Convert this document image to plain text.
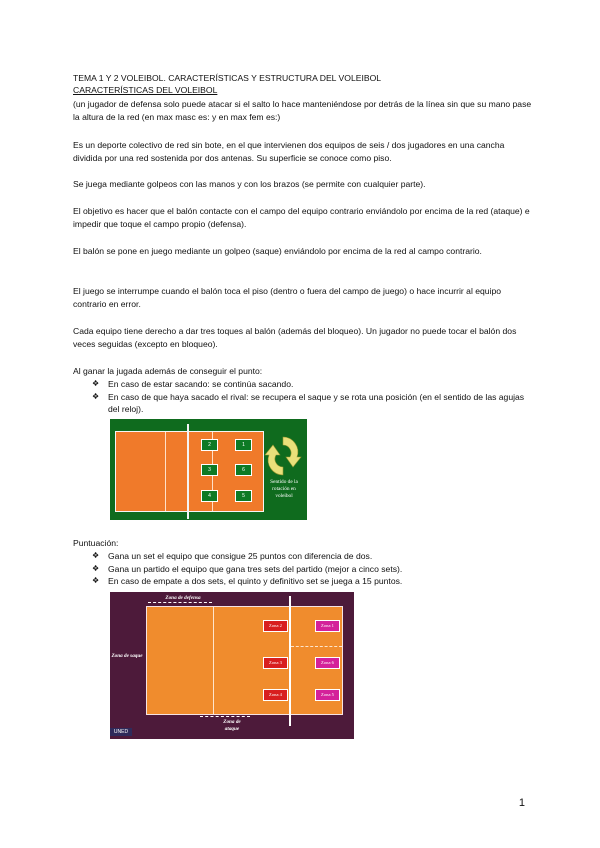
TEMA 1 Y 2 VOLEIBOL. CARACTERÍSTICAS Y ESTRUCTURA DEL VOLEIBOL
CARACTERÍSTICAS DEL VOLEIBOL
(un jugador de defensa solo puede atacar si el salto lo hace manteniéndose por detrás de la línea sin que su mano pase la altura de la red (en max masc es: y en max fem es:)

Es un deporte colectivo de red sin bote, en el que intervienen dos equipos de seis / dos jugadores en una cancha dividida por una red sostenida por dos antenas. Su superficie se conoce como piso.

Se juega mediante golpeos con las manos y con los brazos (se permite con cualquier parte).

El objetivo es hacer que el balón contacte con el campo del equipo contrario enviándolo por encima de la red (ataque) e impedir que toque el campo propio (defensa).

El balón se pone en juego mediante un golpeo (saque) enviándolo por encima de la red al campo contrario.

El juego se interrumpe cuando el balón toca el piso (dentro o fuera del campo de juego) o hace incurrir al equipo contrario en error.

Cada equipo tiene derecho a dar tres toques al balón (además del bloqueo). Un jugador no puede tocar el balón dos veces seguidas (excepto en bloqueo).

Al ganar la jugada además de conseguir el punto:

❖ En caso de estar sacando: se continúa sacando.
❖ En caso de que haya sacado el rival: se recupera el saque y se rota una posición (en el sentido de las agujas del reloj).
2	1
3	6
4	5
Sentido de la rotación en voleibol
Puntuación:
❖ Gana un set el equipo que consigue 25 puntos con diferencia de dos.
❖ Gana un partido el equipo que gana tres sets del partido (mejor a cinco sets).
❖ En caso de empate a dos sets, el quinto y definitivo set se juega a 15 puntos.
Zona de defensa
Zona 2	Zona 1
Zona 3	Zona 6
Zona 4	Zona 5
Zona de saque
Zona de ataque
UNED
1
